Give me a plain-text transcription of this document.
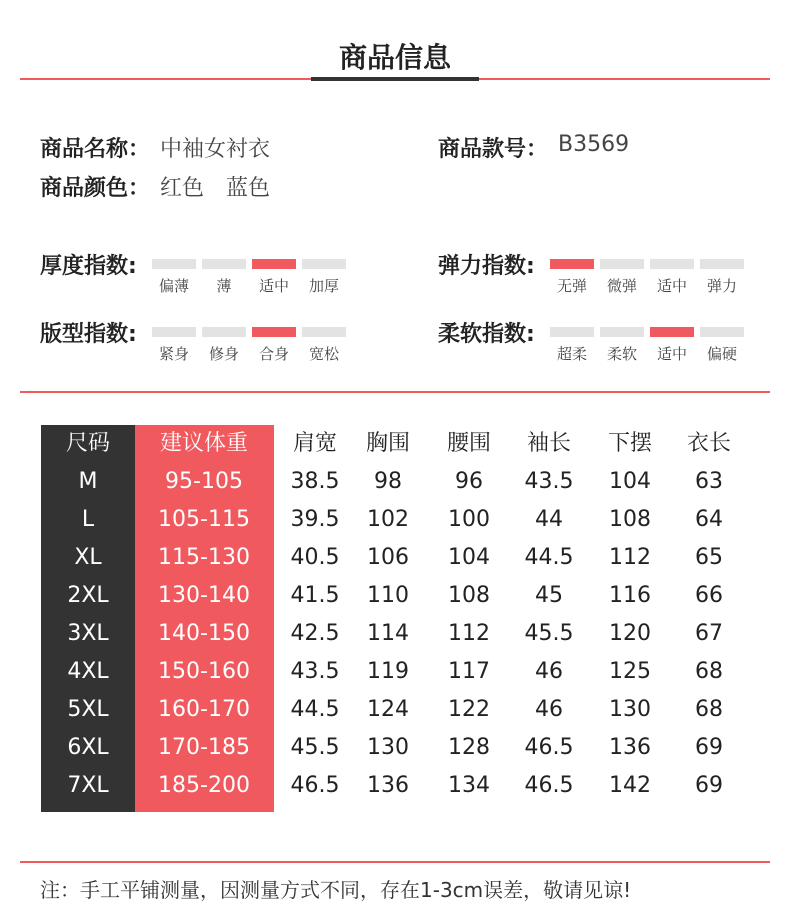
商品信息
商品名称： 中袖女衬衣	商品款号： B3569
商品颜色： 红色　蓝色
厚度指数:
偏薄	薄	适中	加厚
弹力指数:
无弹	微弹	适中	弹力
版型指数:
紧身	修身	合身	宽松
柔软指数:
超柔	柔软	适中	偏硬
尺码	建议体重	肩宽	胸围	腰围	袖长	下摆	衣长
M	95-105	38.5	98	96	43.5	104	63
L	105-115	39.5	102	100	44	108	64
XL	115-130	40.5	106	104	44.5	112	65
2XL	130-140	41.5	110	108	45	116	66
3XL	140-150	42.5	114	112	45.5	120	67
4XL	150-160	43.5	119	117	46	125	68
5XL	160-170	44.5	124	122	46	130	68
6XL	170-185	45.5	130	128	46.5	136	69
7XL	185-200	46.5	136	134	46.5	142	69
注：手工平铺测量，因测量方式不同，存在1-3cm误差，敬请见谅!
